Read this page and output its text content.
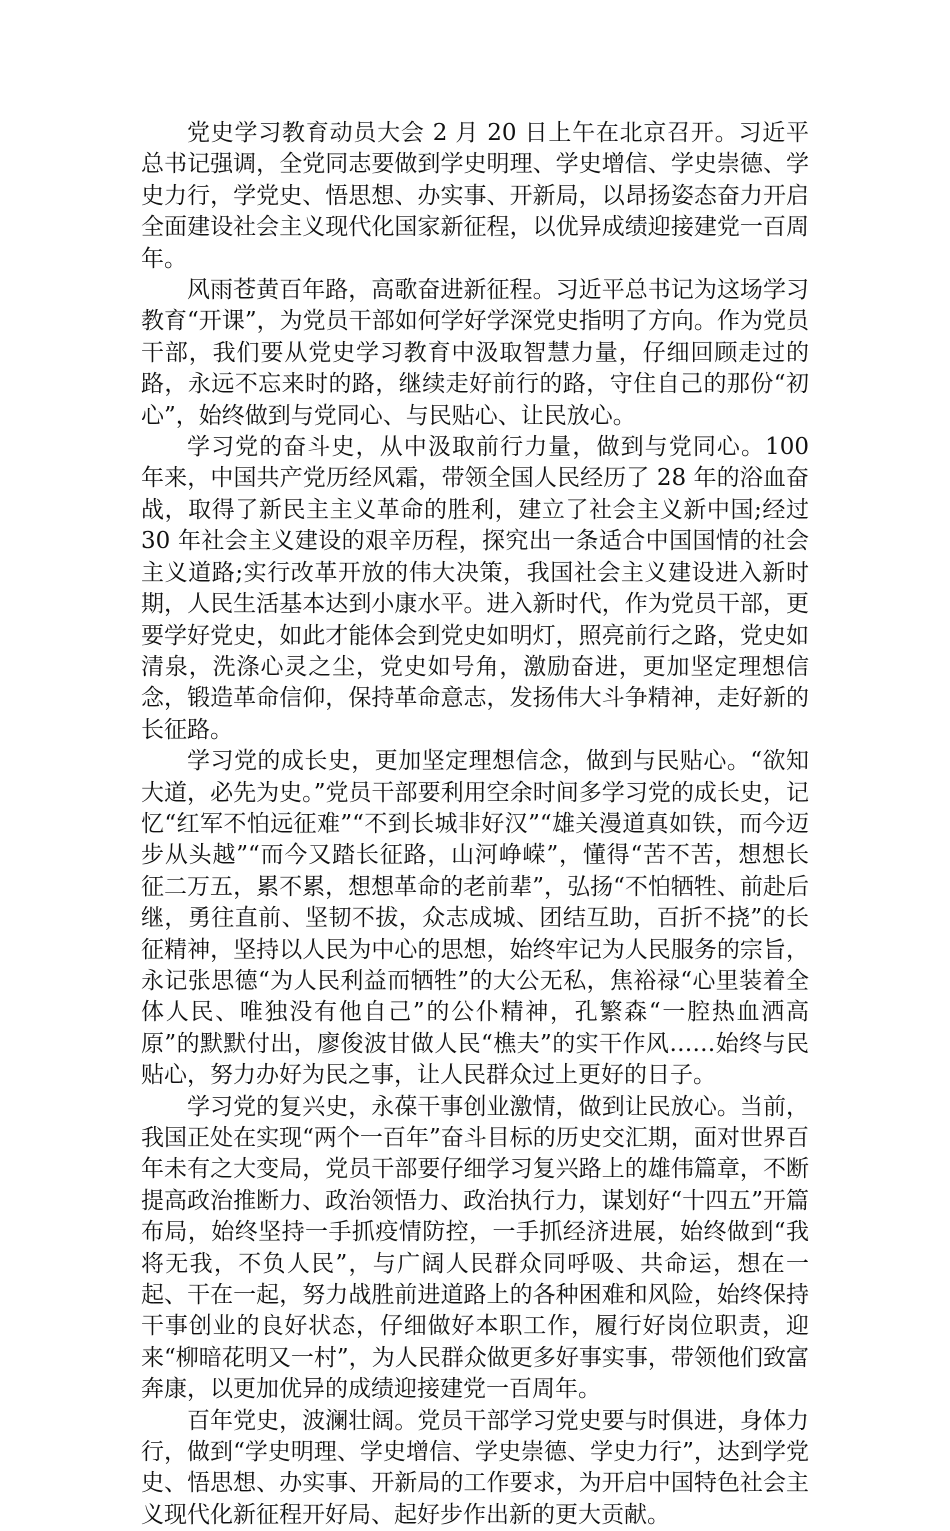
党史学习教育动员大会 2 月 20 日上午在北京召开。习近平总书记强调，全党同志要做到学史明理、学史增信、学史崇德、学史力行，学党史、悟思想、办实事、开新局，以昂扬姿态奋力开启全面建设社会主义现代化国家新征程，以优异成绩迎接建党一百周年。

风雨苍黄百年路，高歌奋进新征程。习近平总书记为这场学习教育“开课”，为党员干部如何学好学深党史指明了方向。作为党员干部，我们要从党史学习教育中汲取智慧力量，仔细回顾走过的路，永远不忘来时的路，继续走好前行的路，守住自己的那份“初心”，始终做到与党同心、与民贴心、让民放心。

学习党的奋斗史，从中汲取前行力量，做到与党同心。100 年来，中国共产党历经风霜，带领全国人民经历了 28 年的浴血奋战，取得了新民主主义革命的胜利，建立了社会主义新中国;经过 30 年社会主义建设的艰辛历程，探究出一条适合中国国情的社会主义道路;实行改革开放的伟大决策，我国社会主义建设进入新时期，人民生活基本达到小康水平。进入新时代，作为党员干部，更要学好党史，如此才能体会到党史如明灯，照亮前行之路，党史如清泉，洗涤心灵之尘，党史如号角，激励奋进，更加坚定理想信念，锻造革命信仰，保持革命意志，发扬伟大斗争精神，走好新的长征路。

学习党的成长史，更加坚定理想信念，做到与民贴心。“欲知大道，必先为史。”党员干部要利用空余时间多学习党的成长史，记忆“红军不怕远征难”“不到长城非好汉”“雄关漫道真如铁，而今迈步从头越”“而今又踏长征路，山河峥嵘”，懂得“苦不苦，想想长征二万五，累不累，想想革命的老前辈”，弘扬“不怕牺牲、前赴后继，勇往直前、坚韧不拔，众志成城、团结互助，百折不挠”的长征精神，坚持以人民为中心的思想，始终牢记为人民服务的宗旨，永记张思德“为人民利益而牺牲”的大公无私，焦裕禄“心里装着全体人民、唯独没有他自己”的公仆精神，孔繁森“一腔热血洒高原”的默默付出，廖俊波甘做人民“樵夫”的实干作风……始终与民贴心，努力办好为民之事，让人民群众过上更好的日子。

学习党的复兴史，永葆干事创业激情，做到让民放心。当前，我国正处在实现“两个一百年”奋斗目标的历史交汇期，面对世界百年未有之大变局，党员干部要仔细学习复兴路上的雄伟篇章，不断提高政治推断力、政治领悟力、政治执行力，谋划好“十四五”开篇布局，始终坚持一手抓疫情防控，一手抓经济进展，始终做到“我将无我，不负人民”，与广阔人民群众同呼吸、共命运，想在一起、干在一起，努力战胜前进道路上的各种困难和风险，始终保持干事创业的良好状态，仔细做好本职工作，履行好岗位职责，迎来“柳暗花明又一村”，为人民群众做更多好事实事，带领他们致富奔康，以更加优异的成绩迎接建党一百周年。

百年党史，波澜壮阔。党员干部学习党史要与时俱进，身体力行，做到“学史明理、学史增信、学史崇德、学史力行”，达到学党史、悟思想、办实事、开新局的工作要求，为开启中国特色社会主义现代化新征程开好局、起好步作出新的更大贡献。
